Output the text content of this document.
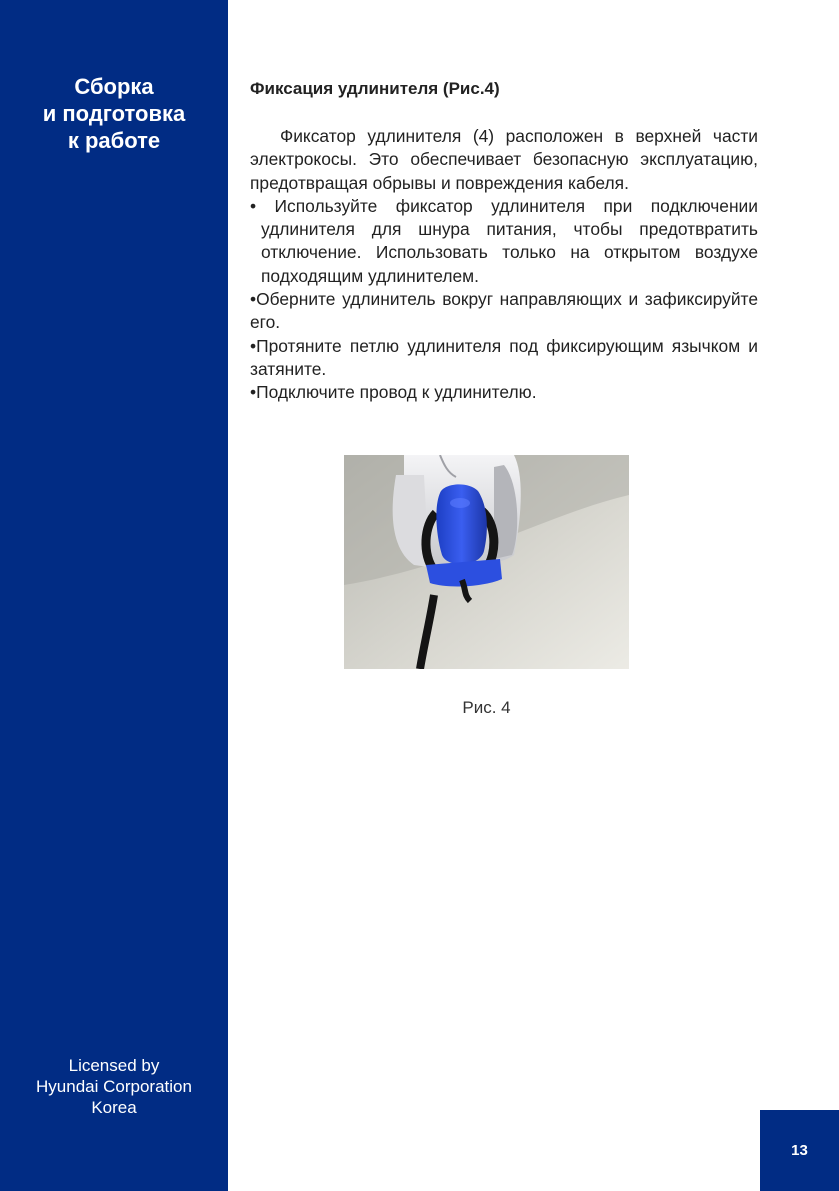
Сборка
и подготовка
к работе
Licensed by
Hyundai Corporation
Korea
Фиксация удлинителя (Рис.4)

Фиксатор удлинителя (4) расположен в верхней части электрокосы. Это обеспечивает безопасную эксплуатацию, предотвращая обрывы и повреждения кабеля.

• Используйте фиксатор удлинителя при подключении удлинителя для шнура питания, чтобы предотвратить отключение. Использовать только на открытом воздухе подходящим удлинителем.
•Оберните удлинитель вокруг направляющих и зафиксируйте его.
•Протяните петлю удлинителя под фиксирующим язычком и затяните.
•Подключите провод к удлинителю.
Рис. 4
13
